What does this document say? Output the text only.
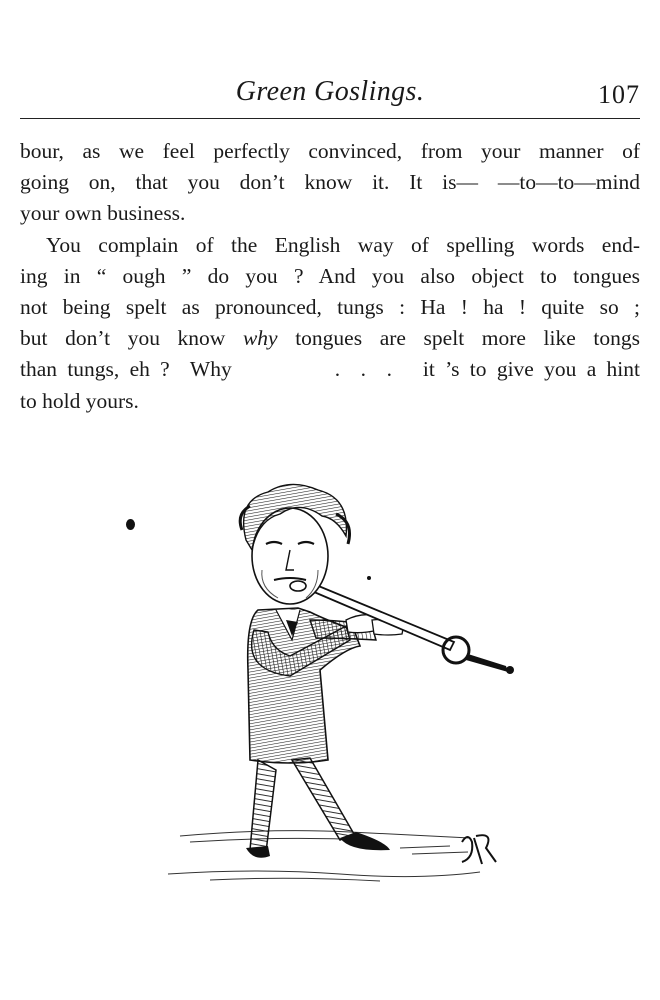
Green Goslings.	107
bour, as we feel perfectly convinced, from your manner of
going on, that you don’t know it. It is— —to—to—mind
your own business.
You complain of the English way of spelling words end-
ing in “ ough ” do you ? And you also object to tongues
not being spelt as pronounced, tungs : Ha ! ha ! quite so ;
but don’t you know why tongues are spelt more like tongs
than tungs, eh ?  Why          .  .  .   it ’s to give you a hint
to hold yours.
